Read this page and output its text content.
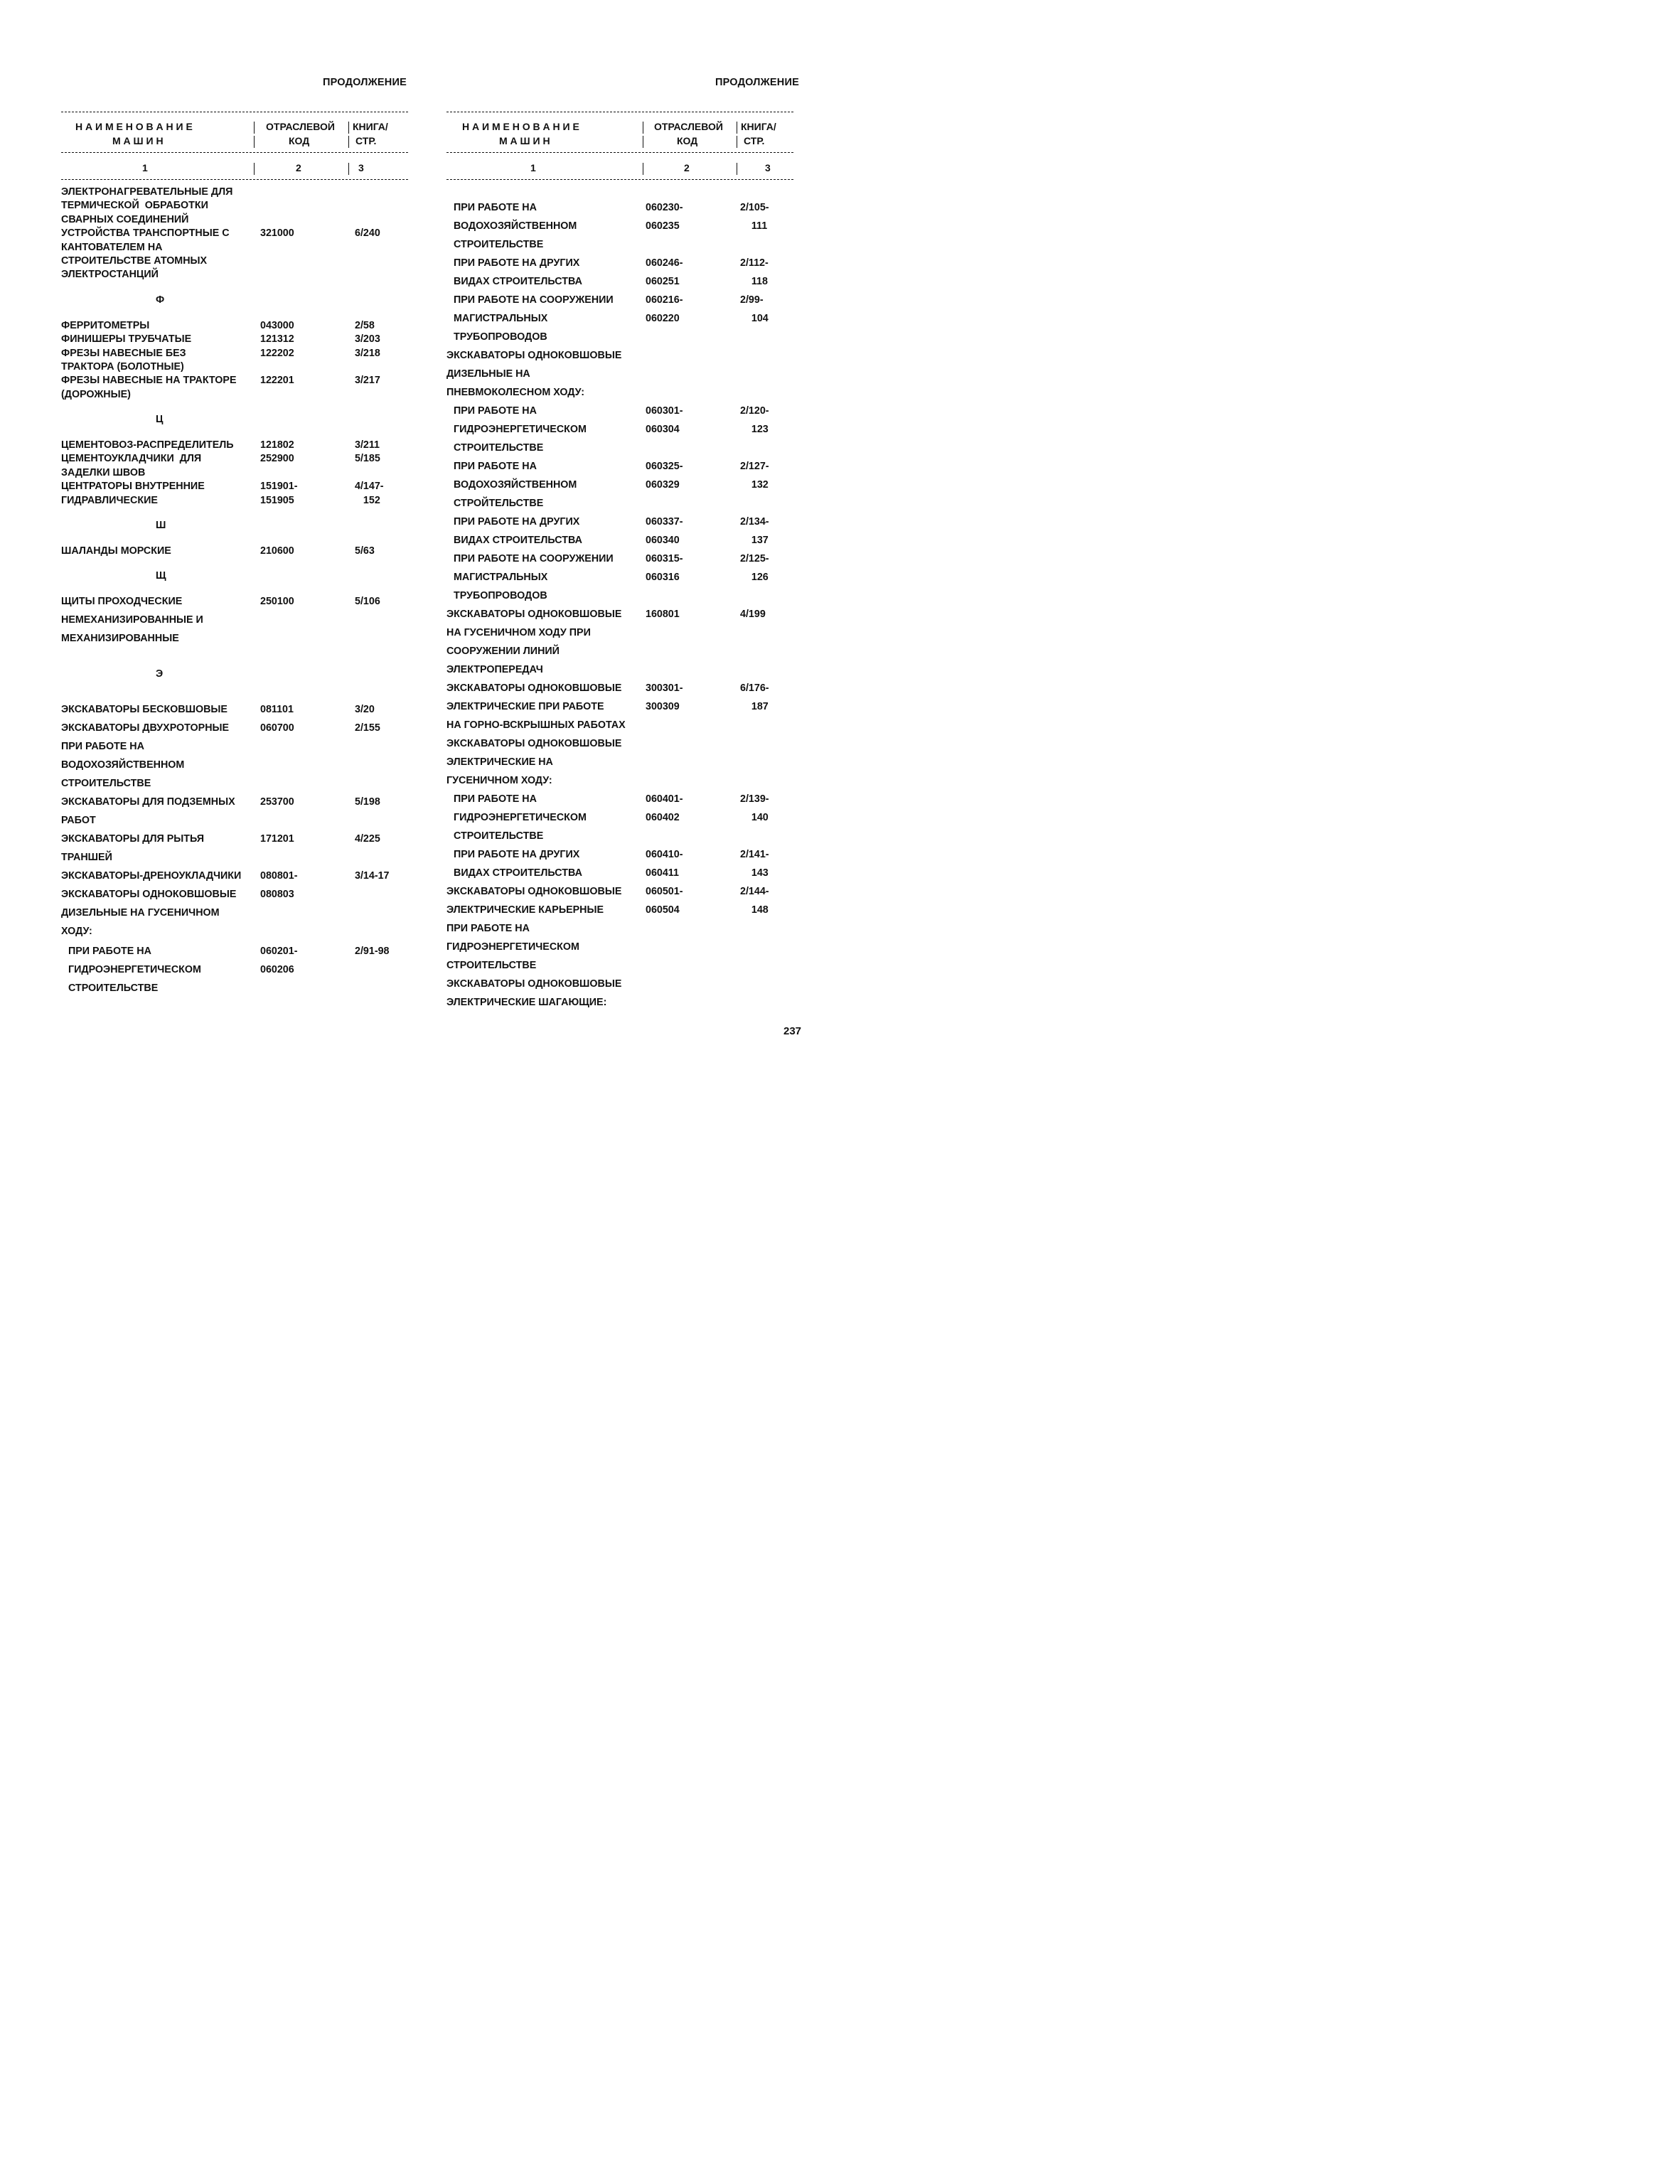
ПРОДОЛЖЕНИЕ
Н А И М Е Н О В А Н И Е
М А Ш И Н
ОТРАСЛЕВОЙ
КОД
КНИГА/
СТР.
1	2	3
ЭЛЕКТРОНАГРЕВАТЕЛЬНЫЕ ДЛЯ
ТЕРМИЧЕСКОЙ  ОБРАБОТКИ
СВАРНЫХ СОЕДИНЕНИЙ
УСТРОЙСТВА ТРАНСПОРТНЫЕ С	321000	6/240
КАНТОВАТЕЛЕМ НА
СТРОИТЕЛЬСТВЕ АТОМНЫХ
ЭЛЕКТРОСТАНЦИЙ
Ф
ФЕРРИТОМЕТРЫ	043000	2/58
ФИНИШЕРЫ ТРУБЧАТЫЕ	121312	3/203
ФРЕЗЫ НАВЕСНЫЕ БЕЗ	122202	3/218
ТРАКТОРА (БОЛОТНЫЕ)
ФРЕЗЫ НАВЕСНЫЕ НА ТРАКТОРЕ 122201	3/217
(ДОРОЖНЫЕ)
Ц
ЦЕМЕНТОВОЗ-РАСПРЕДЕЛИТЕЛЬ	121802	3/211
ЦЕМЕНТОУКЛАДЧИКИ  ДЛЯ	252900	5/185
ЗАДЕЛКИ ШВОВ
ЦЕНТРАТОРЫ ВНУТРЕННИЕ	151901-	4/147-
ГИДРАВЛИЧЕСКИЕ	151905	152
Ш
ШАЛАНДЫ МОРСКИЕ	210600	5/63
Щ
ЩИТЫ ПРОХОДЧЕСКИЕ	250100	5/106
НЕМЕХАНИЗИРОВАННЫЕ И
МЕХАНИЗИРОВАННЫЕ
Э
ЭКСКАВАТОРЫ БЕСКОВШОВЫЕ	081101	3/20
ЭКСКАВАТОРЫ ДВУХРОТОРНЫЕ	060700	2/155
ПРИ РАБОТЕ НА
ВОДОХОЗЯЙСТВЕННОМ
СТРОИТЕЛЬСТВЕ
ЭКСКАВАТОРЫ ДЛЯ ПОДЗЕМНЫХ 253700	5/198
РАБОТ
ЭКСКАВАТОРЫ ДЛЯ РЫТЬЯ	171201	4/225
ТРАНШЕЙ
ЭКСКАВАТОРЫ-ДРЕНОУКЛАДЧИКИ 080801-	3/14-17
ЭКСКАВАТОРЫ ОДНОКОВШОВЫЕ 080803
ДИЗЕЛЬНЫЕ НА ГУСЕНИЧНОМ
ХОДУ:
ПРИ РАБОТЕ НА	060201-	2/91-98
ГИДРОЭНЕРГЕТИЧЕСКОМ	060206
СТРОИТЕЛЬСТВЕ
ПРОДОЛЖЕНИЕ
Н А И М Е Н О В А Н И Е
М А Ш И Н
ОТРАСЛЕВОЙ
КОД
КНИГА/
СТР.
1	2	3
ПРИ РАБОТЕ НА	060230-	2/105-
ВОДОХОЗЯЙСТВЕННОМ	060235	111
СТРОИТЕЛЬСТВЕ
ПРИ РАБОТЕ НА ДРУГИХ	060246-	2/112-
ВИДАХ СТРОИТЕЛЬСТВА	060251	118
ПРИ РАБОТЕ НА СООРУЖЕНИИ	060216-	2/99-
МАГИСТРАЛЬНЫХ	060220	104
ТРУБОПРОВОДОВ
ЭКСКАВАТОРЫ ОДНОКОВШОВЫЕ
ДИЗЕЛЬНЫЕ НА
ПНЕВМОКОЛЕСНОМ ХОДУ:
ПРИ РАБОТЕ НА	060301-	2/120-
ГИДРОЭНЕРГЕТИЧЕСКОМ	060304	123
СТРОИТЕЛЬСТВЕ
ПРИ РАБОТЕ НА	060325-	2/127-
ВОДОХОЗЯЙСТВЕННОМ	060329	132
СТРОЙТЕЛЬСТВЕ
ПРИ РАБОТЕ НА ДРУГИХ	060337-	2/134-
ВИДАХ СТРОИТЕЛЬСТВА	060340	137
ПРИ РАБОТЕ НА СООРУЖЕНИИ	060315-	2/125-
МАГИСТРАЛЬНЫХ	060316	126
ТРУБОПРОВОДОВ
ЭКСКАВАТОРЫ ОДНОКОВШОВЫЕ 160801	4/199
НА ГУСЕНИЧНОМ ХОДУ ПРИ
СООРУЖЕНИИ ЛИНИЙ
ЭЛЕКТРОПЕРЕДАЧ
ЭКСКАВАТОРЫ ОДНОКОВШОВЫЕ 300301-	6/176-
ЭЛЕКТРИЧЕСКИЕ ПРИ РАБОТЕ	300309	187
НА ГОРНО-ВСКРЫШНЫХ РАБОТАХ
ЭКСКАВАТОРЫ ОДНОКОВШОВЫЕ
ЭЛЕКТРИЧЕСКИЕ НА
ГУСЕНИЧНОМ ХОДУ:
ПРИ РАБОТЕ НА	060401-	2/139-
ГИДРОЭНЕРГЕТИЧЕСКОМ	060402	140
СТРОИТЕЛЬСТВЕ
ПРИ РАБОТЕ НА ДРУГИХ	060410-	2/141-
ВИДАХ СТРОИТЕЛЬСТВА	060411	143
ЭКСКАВАТОРЫ ОДНОКОВШОВЫЕ 060501-	2/144-
ЭЛЕКТРИЧЕСКИЕ КАРЬЕРНЫЕ	060504	148
ПРИ РАБОТЕ НА
ГИДРОЭНЕРГЕТИЧЕСКОМ
СТРОИТЕЛЬСТВЕ
ЭКСКАВАТОРЫ ОДНОКОВШОВЫЕ
ЭЛЕКТРИЧЕСКИЕ ШАГАЮЩИЕ:
237
